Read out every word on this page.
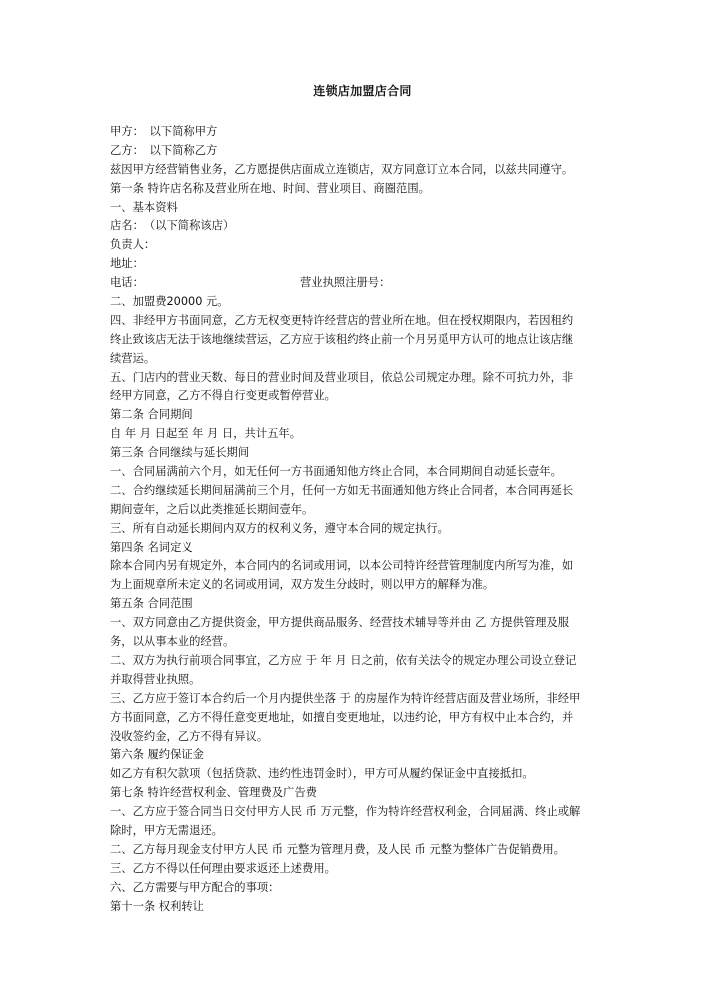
连锁店加盟店合同
甲方：　以下简称甲方
乙方：　以下简称乙方
兹因甲方经营销售业务，乙方愿提供店面成立连锁店，双方同意订立本合同，以兹共同遵守。
第一条 特许店名称及营业所在地、时间、营业项目、商圈范围。
一、基本资料
店名：　（以下简称该店）
负责人：
地址：
电话：	营业执照注册号：
二、加盟费20000 元。
四、非经甲方书面同意，乙方无权变更特许经营店的营业所在地。但在授权期限内，若因租约
终止致该店无法于该地继续营运，乙方应于该租约终止前一个月另觅甲方认可的地点让该店继
续营运。
五、门店内的营业天数、每日的营业时间及营业项目，依总公司规定办理。除不可抗力外，非
经甲方同意，乙方不得自行变更或暂停营业。
第二条 合同期间
自 年 月 日起至 年 月 日，共计五年。
第三条 合同继续与延长期间
一、合同届满前六个月，如无任何一方书面通知他方终止合同，本合同期间自动延长壹年。
二、合约继续延长期间届满前三个月，任何一方如无书面通知他方终止合同者，本合同再延长
期间壹年，之后以此类推延长期间壹年。
三、所有自动延长期间内双方的权利义务，遵守本合同的规定执行。
第四条 名词定义
除本合同内另有规定外，本合同内的名词或用词，以本公司特许经营管理制度内所写为准，如
为上面规章所未定义的名词或用词，双方发生分歧时，则以甲方的解释为准。
第五条 合同范围
一、双方同意由乙方提供资金，甲方提供商品服务、经营技术辅导等并由 乙 方提供管理及服
务，以从事本业的经营。
二、双方为执行前项合同事宜，乙方应 于 年 月 日之前，依有关法令的规定办理公司设立登记
并取得营业执照。
三、乙方应于签订本合约后一个月内提供坐落 于 的房屋作为特许经营店面及营业场所，非经甲
方书面同意，乙方不得任意变更地址，如擅自变更地址，以违约论，甲方有权中止本合约，并
没收签约金，乙方不得有异议。
第六条 履约保证金
如乙方有积欠款项（包括贷款、违约性违罚金时），甲方可从履约保证金中直接抵扣。
第七条 特许经营权利金、管理费及广告费
一、乙方应于签合同当日交付甲方人民 币 万元整，作为特许经营权利金，合同届满、终止或解
除时，甲方无需退还。
二、乙方每月现金支付甲方人民 币 元整为管理月费，及人民 币 元整为整体广告促销费用。
三、乙方不得以任何理由要求返还上述费用。
六、乙方需要与甲方配合的事项：
第十一条 权利转让
